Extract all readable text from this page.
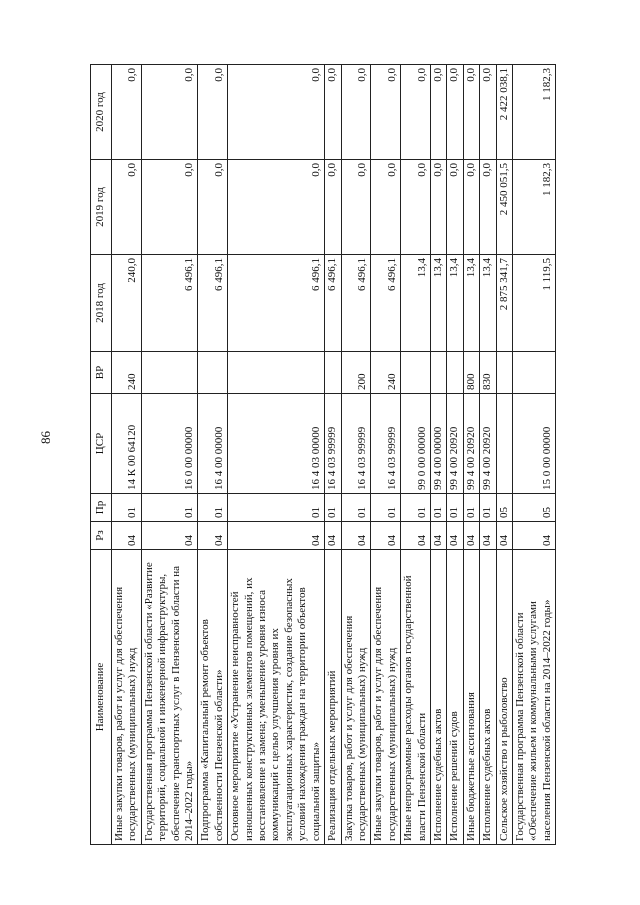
86
Наименование	Рз	Пр	ЦСР	ВР	2018 год	2019 год	2020 год
Иные закупки товаров, работ и услуг для обеспечения государственных (муниципальных) нужд	04	01	14 К 00 64120	240	240,0	0,0	0,0
Государственная программа Пензенской области «Развитие территорий, социальной и инженерной инфраструктуры, обеспечение транспортных услуг в Пензенской области на 2014–2022 годы»	04	01	16 0 00 00000		6 496,1	0,0	0,0
Подпрограмма «Капитальный ремонт объектов собственности Пензенской области»	04	01	16 4 00 00000		6 496,1	0,0	0,0
Основное мероприятие «Устранение неисправностей изношенных конструктивных элементов помещений, их восстановление и замена; уменьшение уровня износа коммуникаций с целью улучшения уровня их эксплуатационных характеристик, создание безопасных условий нахождения граждан на территории объектов социальной защиты»	04	01	16 4 03 00000		6 496,1	0,0	0,0
Реализация отдельных мероприятий	04	01	16 4 03 99999		6 496,1	0,0	0,0
Закупка товаров, работ и услуг для обеспечения государственных (муниципальных) нужд	04	01	16 4 03 99999	200	6 496,1	0,0	0,0
Иные закупки товаров, работ и услуг для обеспечения государственных (муниципальных) нужд	04	01	16 4 03 99999	240	6 496,1	0,0	0,0
Иные непрограммные расходы органов государственной власти Пензенской области	04	01	99 0 00 00000		13,4	0,0	0,0
Исполнение судебных актов	04	01	99 4 00 00000		13,4	0,0	0,0
Исполнение решений судов	04	01	99 4 00 20920		13,4	0,0	0,0
Иные бюджетные ассигнования	04	01	99 4 00 20920	800	13,4	0,0	0,0
Исполнение судебных актов	04	01	99 4 00 20920	830	13,4	0,0	0,0
Сельское хозяйство и рыболовство	04	05			2 875 341,7	2 450 051,5	2 422 038,1
Государственная программа Пензенской области «Обеспечение жильем и коммунальными услугами населения Пензенской области на 2014–2022 годы»	04	05	15 0 00 00000		1 119,5	1 182,3	1 182,3
